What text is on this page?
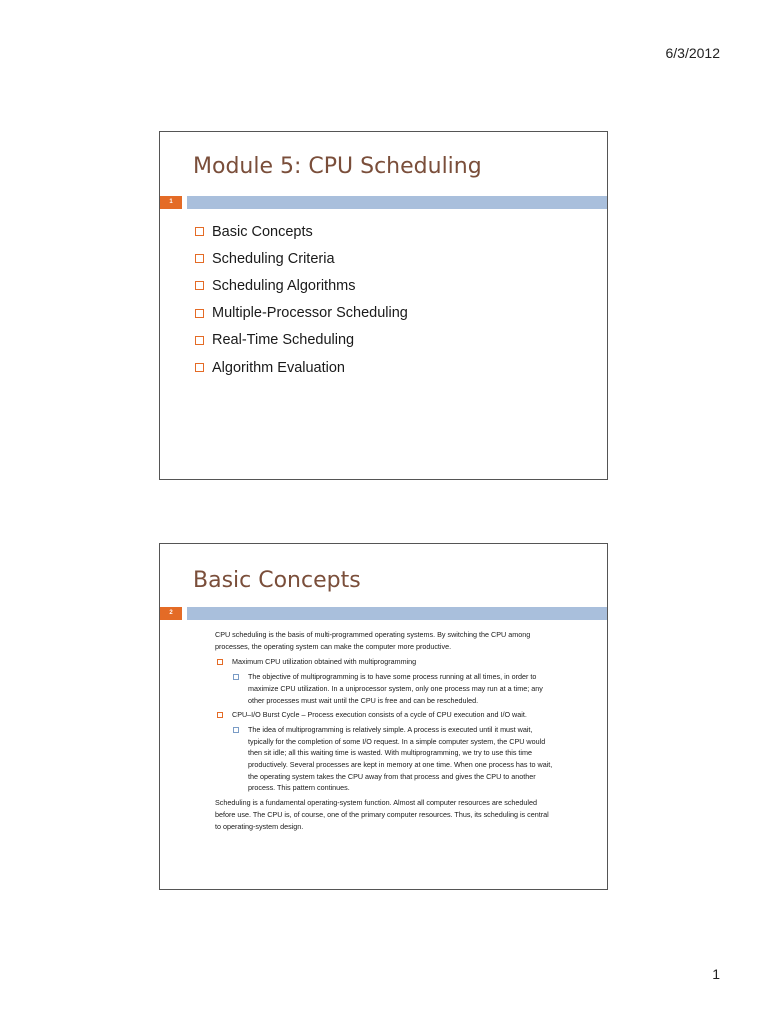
6/3/2012
Module 5: CPU Scheduling
1
Basic Concepts
Scheduling Criteria
Scheduling Algorithms
Multiple-Processor Scheduling
Real-Time Scheduling
Algorithm Evaluation
Basic Concepts
2

CPU scheduling is the basis of multi-programmed operating systems. By switching the CPU among processes, the operating system can make the computer more productive.

Maximum CPU utilization obtained with multiprogramming
The objective of multiprogramming is to have some process running at all times, in order to maximize CPU utilization. In a uniprocessor system, only one process may run at a time; any other processes must wait until the CPU is free and can be rescheduled.
CPU–I/O Burst Cycle – Process execution consists of a cycle of CPU execution and I/O wait.
The idea of multiprogramming is relatively simple. A process is executed until it must wait, typically for the completion of some I/O request. In a simple computer system, the CPU would then sit idle; all this waiting time is wasted. With multiprogramming, we try to use this time productively. Several processes are kept in memory at one time. When one process has to wait, the operating system takes the CPU away from that process and gives the CPU to another process. This pattern continues.

Scheduling is a fundamental operating-system function. Almost all computer resources are scheduled before use. The CPU is, of course, one of the primary computer resources. Thus, its scheduling is central to operating-system design.

1
